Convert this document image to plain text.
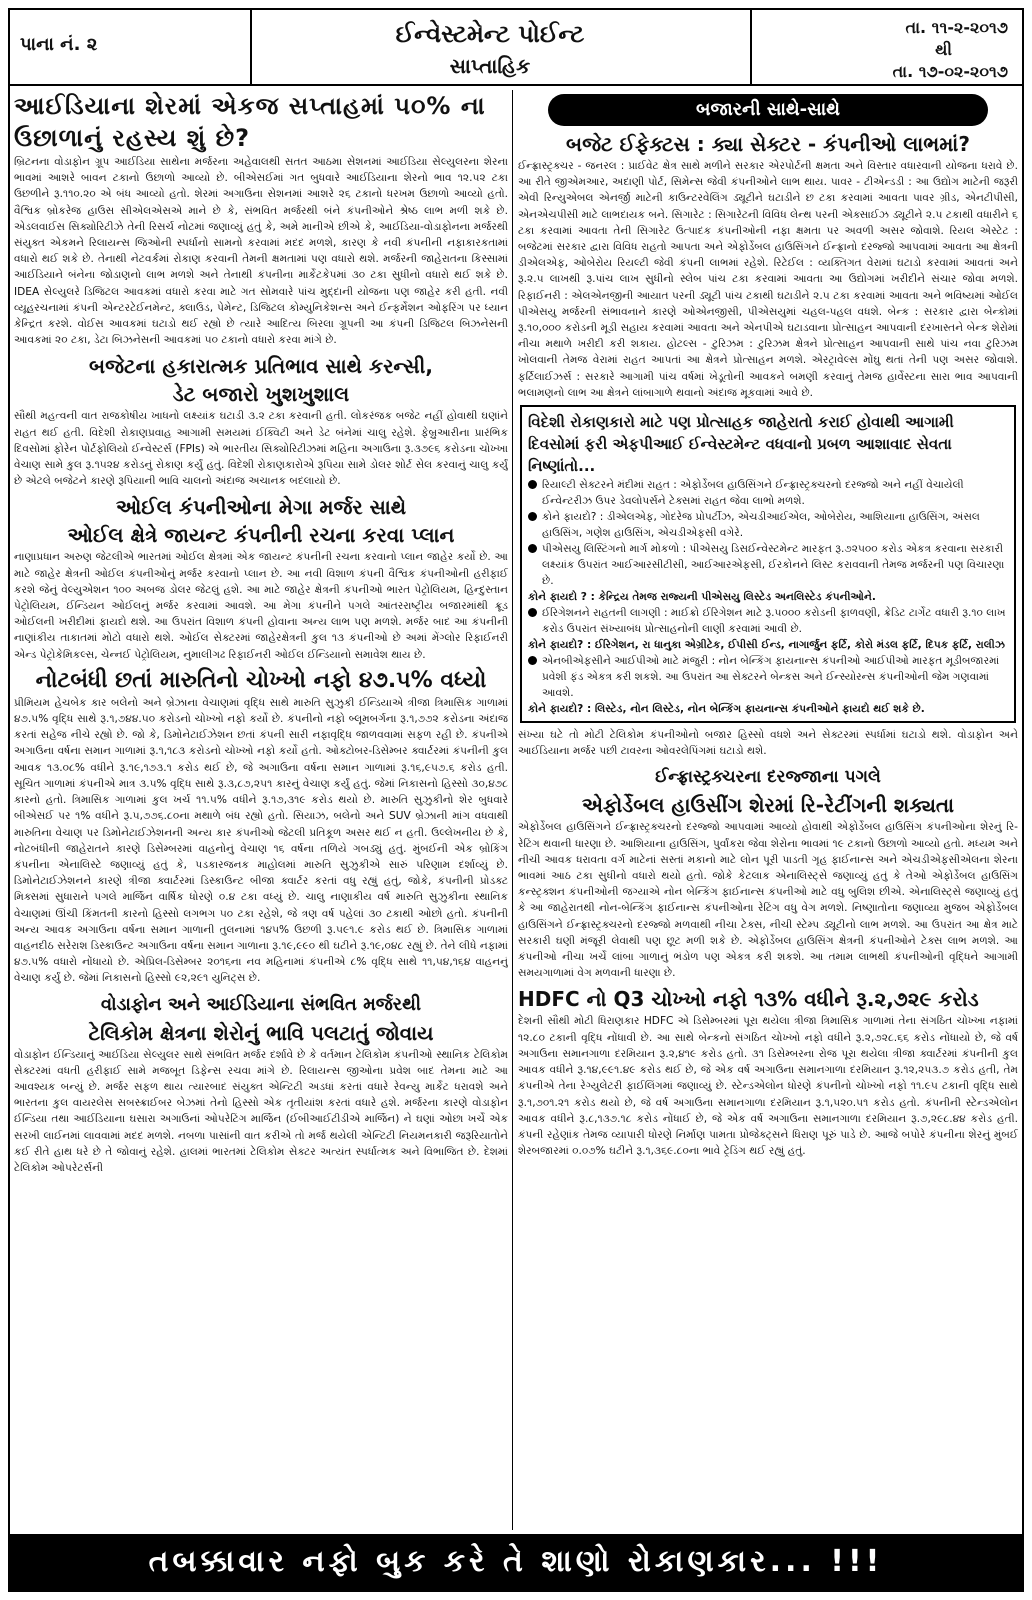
પાના નં. ૨	ઈન્વેસ્ટમેન્ટ પોઈન્ટ
સાપ્તાહિક
તા. ૧૧-૨-૨૦૧૭
થી
તા. ૧૭-૦૨-૨૦૧૭
આઈડિયાના શેરમાં એકજ સપ્તાહમાં ૫૦% ના ઉછાળાનું રહસ્ય શું છે?

બ્રિટનના વોડાફોન ગ્રૂપ આઈડિયા સાથેના મર્જરના અહેવાલથી સતત આઠમા સેશનમાં આઈડિયા સેલ્યુલરના શેરના ભાવમાં આશરે બાવન ટકાનો ઉછાળો આવ્યો છે. બીએસઈમાં ગત બુધવારે આઈડિયાના શેરનો ભાવ ૧૨.૫૨ ટકા ઉછળીને રૂ.૧૧૦.૨૦ એ બંધ આવ્યો હતો. શેરમાં અગાઉના સેશનમાં આશરે ૨૬ ટકાનો ધરખમ ઉછાળો આવ્યો હતો. વૈશ્વિક બ્રોકરેજ હાઉસ સીએલએસએ માને છે કે, સંભવિત મર્જરથી બંને કંપનીઓને શ્રેષ્ઠ લાભ મળી શકે છે. એડલવાઈસ સિક્યોરિટીઝે તેની રિસર્ચ નોટમાં જણાવ્યું હતું કે, અમે માનીએ છીએ કે, આઈડિયા-વોડાફોનના મર્જરથી સંયુક્ત એકમને રિલાયન્સ જિઓની સ્પર્ધાનો સામનો કરવામાં મદદ મળશે, કારણ કે નવી કંપનીની નફાકારકતામાં વધારો થઈ શકે છે. તેનાથી નેટવર્કમાં રોકાણ કરવાની તેમની ક્ષમતામાં પણ વધારો થશે. મર્જરની જાહેરાતના કિસ્સામાં આઈડિયાને બંનેના જોડાણનો લાભ મળશે અને તેનાથી કંપનીના માર્કેટકેપમાં ૩૦ ટકા સુધીનો વધારો થઈ શકે છે. IDEA સેલ્યુલરે ડિજિટલ આવકમાં વધારો કરવા માટે ગત સોમવારે પાંચ મુદ્દાની યોજના પણ જાહેર કરી હતી. નવી વ્યૂહરચનામાં કંપની એન્ટરટેઈનમેન્ટ, ક્લાઉડ, પેમેન્ટ, ડિજિટલ કોમ્યુનિકેશન્સ અને ઈન્ફર્મેશન ઓફરિંગ પર ધ્યાન કેન્દ્રિત કરશે. વોઈસ આવકમાં ઘટાડો થઈ રહ્યો છે ત્યારે આદિત્ય બિરલા ગ્રૂપની આ કંપની ડિજિટલ બિઝનેસની આવકમાં ૨૦ ટકા, ડેટા બિઝનેસની આવકમાં ૫૦ ટકાનો વધારો કરવા માંગે છે.

બજેટના હકારાત્મક પ્રતિભાવ સાથે કરન્સી,
ડેટ બજારો ખુશખુશાલ

સૌથી મહત્વની વાત રાજકોષીય ખાધનો લક્ષ્યાંક ઘટાડી ૩.૨ ટકા કરવાની હતી. લોકરંજક બજેટ નહીં હોવાથી ઘણાંને રાહત થઈ હતી. વિદેશી રોકાણપ્રવાહ આગામી સમયમાં ઈક્વિટી અને ડેટ બંનેમાં ચાલુ રહેશે. ફેબ્રુઆરીના પ્રારંભિક દિવસોમાં ફોરેન પોર્ટફોલિયો ઈન્વેસ્ટર્સ (FPIs) એ ભારતીય સિક્યોરિટીઝમાં મહિના અગાઉના રૂ.૩૭૯૬ કરોડના ચોખ્ખા વેચાણ સામે કુલ રૂ.૧૫૨૪ કરોડનું રોકાણ કર્યું હતું. વિદેશી રોકાણકારોએ રૂપિયા સામે ડોલર શોર્ટ સેલ કરવાનું ચાલુ કર્યું છે એટલે બજેટને કારણે રૂપિયાની ભાવિ ચાલનો અંદાજ અચાનક બદલાયો છે.

ઓઈલ કંપનીઓના મેગા મર્જર સાથે
ઓઈલ ક્ષેત્રે જાયન્ટ કંપનીની રચના કરવા પ્લાન

નાણાપ્રધાન અરુણ જેટલીએ ભારતમાં ઓઈલ ક્ષેત્રમાં એક જાયન્ટ કંપનીની રચના કરવાનો પ્લાન જાહેર કર્યો છે. આ માટે જાહેર ક્ષેત્રની ઓઈલ કંપનીઓનું મર્જર કરવાનો પ્લાન છે. આ નવી વિશાળ કંપની વૈશ્વિક કંપનીઓની હરીફાઈ કરશે જેનું વેલ્યુએશન ૧૦૦ અબજ ડોલર જેટલું હશે. આ માટે જાહેર ક્ષેત્રની કંપનીઓ ભારત પેટ્રોલિયમ, હિન્દુસ્તાન પેટ્રોલિયમ, ઈન્ડિયન ઓઈલનું મર્જર કરવામાં આવશે. આ મેગા કંપનીને પગલે આંતરરાષ્ટ્રીય બજારમાંથી ક્રૂડ ઓઈલની ખરીદીમાં ફાયદો થશે. આ ઉપરાંત વિશાળ કંપની હોવાના અન્ય લાભ પણ મળશે. મર્જર બાદ આ કંપનીની નાણાંકીય તાકાતમાં મોટો વધારો થશે. ઓઈલ સેક્ટરમાં જાહેરક્ષેત્રની કુલ ૧૩ કંપનીઓ છે અમાં મેંગ્લોર રિફાઈનરી એન્ડ પેટ્રોકેમિકલ્સ, ચેન્નઈ પેટ્રોલિયમ, નુમાલીગઢ રિફાઈનરી ઓઈલ ઈન્ડિયાનો સમાવેશ થાય છે.

નોટબંધી છતાં મારુતિનો ચોખ્ખો નફો ૪૭.૫% વધ્યો

પ્રીમિયમ હેચબેક કાર બલેનો અને બ્રેઝાના વેચાણમાં વૃદ્ધિ સાથે મારુતિ સુઝુકી ઈન્ડિયાએ ત્રીજા ત્રિમાસિક ગાળામાં ૪૭.૫% વૃદ્ધિ સાથે રૂ.૧,૭૪૪.૫૦ કરોડનો ચોખ્ખો નફો કર્યો છે. કંપનીનો નફો બ્લૂમબર્ગના રૂ.૧,૭૭૨ કરોડના અંદાજ કરતાં સહેજ નીચે રહ્યો છે. જો કે, ડિમોનેટાઈઝેશન છતાં કંપની સારી નફાવૃદ્ધિ જાળવવામાં સફળ રહી છે. કંપનીએ અગાઉના વર્ષના સમાન ગાળામાં રૂ.૧,૧૮૩ કરોડનો ચોખ્ખો નફો કર્યો હતો. ઓક્ટોબર-ડિસેમ્બર ક્વાર્ટરમાં કંપનીની કુલ આવક ૧૩.૦૮% વધીને રૂ.૧૯,૧૭૩.૧ કરોડ થઈ છે, જે અગાઉના વર્ષના સમાન ગાળામાં રૂ.૧૬,૯૫૭.૬ કરોડ હતી. સૂચિત ગાળામાં કંપનીએ માત્ર ૩.૫% વૃદ્ધિ સાથે રૂ.૩,૮૭,૨૫૧ કારનું વેચાણ કર્યું હતું. જેમાં નિકાસનો હિસ્સો ૩૦,૪૭૮ કારનો હતો. ત્રિમાસિક ગાળામાં કુલ ખર્ચ ૧૧.૫% વધીને રૂ.૧૭,૩૧૯ કરોડ થયો છે. મારુતિ સુઝુકીનો શેર બુધવારે બીએસઈ પર ૧% વધીને રૂ.૫,૭૭૬.૮૦ના મથાળે બંધ રહ્યો હતો. સિયાઝ, બલેનો અને SUV બ્રેઝાની માંગ વધવાથી મારુતિના વેચાણ પર ડિમોનેટાઈઝેશનની અન્ય કાર કંપનીઓ જેટલી પ્રતિકૂળ અસર થઈ ન હતી. ઉલ્લેખનીય છે કે, નોટબંધીની જાહેરાતને કારણે ડિસેમ્બરમાં વાહનોનું વેચાણ ૧૬ વર્ષના તળિયે ગબડ્યું હતું. મુંબઈની એક બ્રોકિંગ કંપનીના એનાલિસ્ટે જણાવ્યું હતું કે, પડકારજનક માહોલમાં મારુતિ સુઝુકીએ સારું પરિણામ દર્શાવ્યું છે. ડિમોનેટાઈઝેશનને કારણે ત્રીજા ક્વાર્ટરમાં ડિસ્કાઉન્ટ બીજા ક્વાર્ટર કરતાં વધુ રહ્યું હતું, જોકે, કંપનીની પ્રોડક્ટ મિક્સમાં સુધારાને પગલે માર્જિન વાર્ષિક ધોરણે ૦.૪ ટકા વધ્યું છે. ચાલુ નાણાકીય વર્ષ મારુતિ સુઝુકીના સ્થાનિક વેચાણમાં ઊંચી કિંમતની કારનો હિસ્સો લગભગ ૫૦ ટકા રહેશે, જે ત્રણ વર્ષ પહેલાં ૩૦ ટકાથી ઓછો હતો. કંપનીની અન્ય આવક અગાઉના વર્ષના સમાન ગાળાની તુલનામાં ૧૪૫% ઉછળી રૂ.૫૯૧.૯ કરોડ થઈ છે. ત્રિમાસિક ગાળામાં વાહનદીઠ સરેરાશ ડિસ્કાઉન્ટ અગાઉના વર્ષના સમાન ગાળાના રૂ.૧૯,૯૯૦ થી ઘટીને રૂ.૧૯,૦૪૮ રહ્યું છે. તેને લીધે નફામાં ૪૭.૫% વધારો નોંધાયો છે. એપ્રિલ-ડિસેમ્બર ૨૦૧૬ના નવ મહિનામાં કંપનીએ ૮% વૃદ્ધિ સાથે ૧૧,૫૪,૧૬૪ વાહનનું વેચાણ કર્યું છે. જેમાં નિકાસનો હિસ્સો ૯૨,૨૯૧ યુનિટ્સ છે.

વોડાફોન અને આઈડિયાના સંભવિત મર્જરથી
ટેલિકોમ ક્ષેત્રના શેરોનું ભાવિ પલટાતું જોવાય

વોડાફોન ઈન્ડિયાનું આઈડિયા સેલ્યુલર સાથે સંભવિત મર્જર દર્શાવે છે કે વર્તમાન ટેલિકોમ કંપનીઓ સ્થાનિક ટેલિકોમ સેક્ટરમાં વધતી હરીફાઈ સામે મજબૂત ડિફેન્સ રચવા માંગે છે. રિલાયન્સ જીઓના પ્રવેશ બાદ તેમના માટે આ આવશ્યક બન્યું છે. મર્જર સફળ થાય ત્યારબાદ સંયુક્ત એન્ટિટી અડધાં કરતાં વધારે રેવન્યુ માર્કેટ ધરાવશે અને ભારતના કુલ વાયરલેસ સબસ્ક્રાઈબર બેઝમાં તેનો હિસ્સો એક તૃતીયાંશ કરતાં વધારે હશે. મર્જરના કારણે વોડાફોન ઈન્ડિયા તથા આઈડિયાના ઘસારા અગાઉનાં ઓપરેટિંગ માર્જિન (ઈબીઆઈટીડીએ માર્જિન) ને ઘણાં ઓછા ખર્ચે એક સરખી લાઈનમાં લાવવામાં મદદ મળશે. નબળા પાસાંની વાત કરીએ તો મર્જ થયેલી એન્ટિટી નિયમનકારી જરૂરિયાતોને કઈ રીતે હાથ ધરે છે તે જોવાનું રહેશે. હાલમાં ભારતમાં ટેલિકોમ સેક્ટર અત્યંત સ્પર્ધાત્મક અને વિભાજિત છે. દેશમાં ટેલિકોમ ઓપરેટર્સની

બજારની સાથે-સાથે
બજેટ ઈફેક્ટસ : ક્યા સેક્ટર - કંપનીઓ લાભમાં?

ઈન્ફ્રાસ્ટ્રક્ચર - જનરલ : પ્રાઈવેટ ક્ષેત્ર સાથે મળીને સરકાર એરપોર્ટની ક્ષમતા અને વિસ્તાર વધારવાની યોજના ધરાવે છે. આ રીતે જીએમઆર, અદાણી પોર્ટ, સિમેન્સ જેવી કંપનીઓને લાભ થાય. પાવર - ટીએન્ડડી : આ ઉદ્યોગ માટેની જરૂરી એવી રિન્યુએબલ એનર્જી માટેની કાઉન્ટરવેલિંગ ડ્યૂટીને ઘટાડીને છ ટકા કરવામાં આવતા પાવર ગ્રીડ, એનટીપીસી, એનએચપીસી માટે લાભદાયક બને. સિગારેટ : સિગારેટની વિવિધ લેન્થ પરની એક્સાઈઝ ડ્યૂટીને ૨.૫ ટકાથી વધારીને ૬ ટકા કરવામાં આવતા તેની સિગારેટ ઉત્પાદક કંપનીઓની નફા ક્ષમતા પર અવળી અસર જોવાશે. રિયલ એસ્ટેટ : બજેટમાં સરકાર દ્વારા વિવિધ રાહતો આપતા અને એફોર્ડેબલ હાઉસિંગને ઈન્ફ્રાનો દરજ્જો આપવામાં આવતા આ ક્ષેત્રની ડીએલએફ, ઓબેરોય રિયલ્ટી જેવી કંપની લાભમાં રહેશે. રિટેઈલ : વ્યક્તિગત વેરામાં ઘટાડો કરવામાં આવતાં અને રૂ.૨.૫ લાખથી રૂ.પાંચ લાખ સુધીનો સ્લેબ પાંચ ટકા કરવામાં આવતા આ ઉદ્યોગમાં ખરીદીને સંચાર જોવા મળશે. રિફાઈનરી : એલએનજીની આયાત પરની ડ્યૂટી પાંચ ટકાથી ઘટાડીને ૨.૫ ટકા કરવામાં આવતા અને ભવિષ્યમાં ઓઈલ પીએસયુ મર્જરની સંભાવનાને કારણે ઓએનજીસી, પીએસયુમાં ચહલ-પહલ વધશે. બેન્ક : સરકાર દ્વારા બેન્કોમાં રૂ.૧૦,૦૦૦ કરોડની મૂડી સહાય કરવામાં આવતા અને એનપીએ ઘટાડવાના પ્રોત્સાહન આપવાની દરખાસ્તને બેન્ક શેરોમાં નીચા મથાળે ખરીદી કરી શકાય. હોટલ્સ - ટુરિઝમ : ટુરિઝમ ક્ષેત્રને પ્રોત્સાહન આપવાની સાથે પાંચ નવા ટુરિઝમ ખોલવાની તેમજ વેરામાં રાહત આપતાં આ ક્ષેત્રને પ્રોત્સાહન મળશે. એરટ્રાવેલ્સ મોંઘુ થતાં તેની પણ અસર જોવાશે. ફર્ટિલાઈઝર્સ : સરકારે આગામી પાંચ વર્ષમાં ખેડૂતોની આવકને બમણી કરવાનું તેમજ હાર્વેસ્ટના સારા ભાવ આપવાની ભલામણનો લાભ આ ક્ષેત્રને લાંબાગાળે થવાનો અંદાજ મૂકવામાં આવે છે.

વિદેશી રોકાણકારો માટે પણ પ્રોત્સાહક જાહેરાતો કરાઈ હોવાથી આગામી દિવસોમાં ફરી એફપીઆઈ ઈન્વેસ્ટમેન્ટ વધવાનો પ્રબળ આશાવાદ સેવતા નિષ્ણાંતો...
રિયાલ્ટી સેક્ટરને મંદીમાં રાહત : એફોર્ડેબલ હાઉસિંગને ઈન્ફ્રાસ્ટ્રક્ચરનો દરજ્જો અને નહીં વેચાયેલી ઈન્વેન્ટરીઝ ઉપર ડેવલોપર્સને ટેક્સમાં રાહત જેવા લાભો મળશે.
કોને ફાયદો? : ડીએલએફ, ગોદરેજ પ્રોપર્ટીઝ, એચડીઆઈએલ, ઓબેરોય, આશિયાના હાઉસિંગ, અંસલ હાઉસિંગ, ગણેશ હાઉસિંગ, એચડીએફસી વગેરે.
પીએસયુ લિસ્ટિંગનો માર્ગ મોકળો : પીએસયુ ડિસઈન્વેસ્ટમેન્ટ મારફત રૂ.૭૨૫૦૦ કરોડ એકત્ર કરવાના સરકારી લક્ષ્યાંક ઉપરાંત આઈઆરસીટીસી, આઈઆરએફસી, ઈરકોનને લિસ્ટ કરાવવાની તેમજ મર્જરની પણ વિચારણા છે.
કોને ફાયદો ? : કેન્દ્રિય તેમજ રાજ્યની પીએસયુ લિસ્ટેડ અનલિસ્ટેડ કંપનીઓને.
ઈરિગેશનને રાહતની લાગણી : માઈક્રો ઈરિગેશન માટે રૂ.૫૦૦૦ કરોડની ફાળવણી, ક્રેડિટ ટાર્ગેટ વધારી રૂ.૧૦ લાખ કરોડ ઉપરાંત સંખ્યાબંધ પ્રોત્સાહનોની લાણી કરવામાં આવી છે.
કોને ફાયદો? : ઈરિગેશન, રા ધાનુકા એગ્રીટેક, ઈપીસી ઈન્ડ, નાગાર્જુન ફર્ટિ, કોરો મંડલ ફર્ટિ, દિપક ફર્ટિ, રાલીઝ
એનબીએફસીને આઈપીઓ માટે મંજુરી : નોન બેન્કિંગ ફાયનાન્સ કંપનીઓ આઈપીઓ મારફત મૂડીબજારમાં પ્રવેશી ફંડ એકત્ર કરી શકશે. આ ઉપરાંત આ સેક્ટરને બેન્કસ અને ઈન્સ્યોરન્સ કંપનીઓની જેમ ગણવામાં આવશે.
કોને ફાયદો? : લિસ્ટેડ, નોન લિસ્ટેડ, નોન બેન્કિંગ ફાયનાન્સ કંપનીઓને ફાયદો થઈ શકે છે.

સંખ્યા ઘટે તો મોટી ટેલિકોમ કંપનીઓનો બજાર હિસ્સો વધશે અને સેક્ટરમાં સ્પર્ધામાં ઘટાડો થશે. વોડાફોન અને આઈડિયાના મર્જર પછી ટાવરના ઓવરલેપિંગમાં ઘટાડો થશે.

ઈન્ફ્રાસ્ટ્રક્ચરના દરજ્જાના પગલે
એફોર્ડેબલ હાઉસીંગ શેરમાં રિ-રેટીંગની શક્યતા

એફોર્ડેબલ હાઉસિંગને ઈન્ફ્રાસ્ટ્રક્ચરનો દરજ્જો આપવામાં આવ્યો હોવાથી એફોર્ડેબલ હાઉસિંગ કંપનીઓના શેરનું રિ-રેટિંગ થવાની ધારણા છે. આશિયાના હાઉસિંગ, પુર્વાંકરા જેવા શેરોના ભાવમાં ૧૯ ટકાનો ઉછાળો આવ્યો હતો. મધ્યમ અને નીચી આવક ધરાવતા વર્ગ માટેનાં સસ્તાં મકાનો માટે લોન પૂરી પાડતી ગૃહ ફાઈનાન્સ અને એચડીએફસીએલના શેરના ભાવમાં આઠ ટકા સુધીનો વધારો થયો હતો. જોકે કેટલાક એનાલિસ્ટ્સે જણાવ્યું હતું કે તેઓ એફોર્ડેબલ હાઉસિંગ કન્સ્ટ્રક્શન કંપનીઓની જગ્યાએ નોન બેન્કિંગ ફાઈનાન્સ કંપનીઓ માટે વધુ બુલિશ છીએ. એનાલિસ્ટ્સે જણાવ્યું હતું કે આ જાહેરાતથી નોન-બેન્કિંગ ફાઈનાન્સ કંપનીઓના રેટિંગ વધુ વેગ મળશે. નિષ્ણાતોના જણાવ્યા મુજબ એફોર્ડેબલ હાઉસિંગને ઈન્ફ્રાસ્ટ્રક્ચરનો દરજ્જો મળવાથી નીચા ટેક્સ, નીચી સ્ટેમ્પ ડ્યૂટીનો લાભ મળશે. આ ઉપરાંત આ ક્ષેત્ર માટે સરકારી ઘણી મંજૂરી લેવાથી પણ છૂટ મળી શકે છે. એફોર્ડેબલ હાઉસિંગ ક્ષેત્રની કંપનીઓને ટેક્સ લાભ મળશે. આ કંપનીઓ નીચા ખર્ચે લાંબા ગાળાનું ભંડોળ પણ એકત્ર કરી શકશે. આ તમામ લાભથી કંપનીઓની વૃદ્ધિને આગામી સમયગાળામાં વેગ મળવાની ધારણા છે.

HDFC નો Q3 ચોખ્ખો નફો ૧૩% વધીને રૂ.૨,૭૨૯ કરોડ

દેશની સૌથી મોટી ધિરાણકાર HDFC એ ડિસેમ્બરમાં પૂરા થયેલા ત્રીજા ત્રિમાસિક ગાળામાં તેના સંગઠિત ચોખ્ખા નફામાં ૧૨.૮૦ ટકાની વૃદ્ધિ નોંધાવી છે. આ સાથે બેન્કનો સંગઠિત ચોખ્ખો નફો વધીને રૂ.૨,૭૨૮.૬૬ કરોડ નોંધાયો છે, જે વર્ષ અગાઉના સમાનગાળા દરમિયાન રૂ.૨,૪૧૯ કરોડ હતો. ૩૧ ડિસેમ્બરના રોજ પૂરા થયેલા ત્રીજા ક્વાર્ટરમાં કંપનીની કુલ આવક વધીને રૂ.૧૪,૯૯૧.૪૯ કરોડ થઈ છે, જે એક વર્ષ અગાઉના સમાનગાળા દરમિયાન રૂ.૧૨,૨૫૩.૭ કરોડ હતી, તેમ કંપનીએ તેના રેગ્યુલેટરી ફાઈલિંગમાં જણાવ્યું છે. સ્ટેન્ડએલોન ધોરણે કંપનીનો ચોખ્ખો નફો ૧૧.૯૫ ટકાની વૃદ્ધિ સાથે રૂ.૧,૭૦૧.૨૧ કરોડ થયો છે, જે વર્ષ અગાઉના સમાનગાળા દરમિયાન રૂ.૧,૫૨૦.૫૧ કરોડ હતો. કંપનીની સ્ટેન્ડએલોન આવક વધીને રૂ.૮,૧૩૭.૧૮ કરોડ નોંધાઈ છે, જે એક વર્ષ અગાઉના સમાનગાળા દરમિયાન રૂ.૭,૨૯૮.૪૪ કરોડ હતી. કંપની રહેણાંક તેમજ વ્યાપારી ધોરણે નિર્માણ પામતા પ્રોજેક્ટ્સને ધિરાણ પૂરું પાડે છે. આજે બપોરે કંપનીના શેરનું મુંબઈ શેરબજારમાં ૦.૦૭% ઘટીને રૂ.૧,૩૬૯.૮૦ના ભાવે ટ્રેડિંગ થઈ રહ્યું હતું.

તબક્કાવાર નફો બુક કરે તે શાણો રોકાણકાર... !!!
